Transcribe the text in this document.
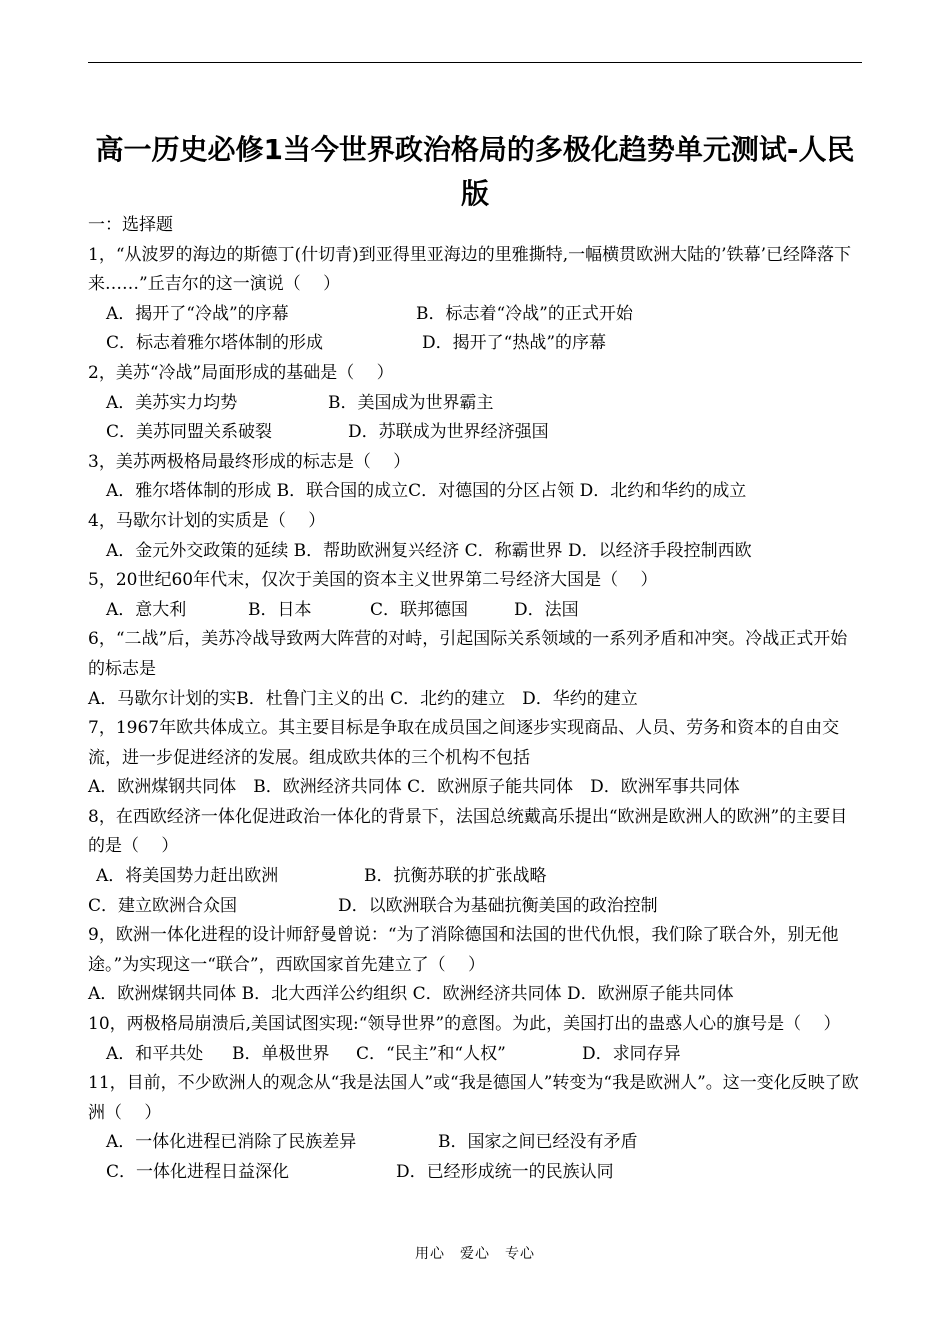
高一历史必修1当今世界政治格局的多极化趋势单元测试-人民版
一：选择题
1，“从波罗的海边的斯德丁(什切青)到亚得里亚海边的里雅撕特,一幅横贯欧洲大陆的’铁幕’已经降落下来……”丘吉尔的这一演说（　 ）
A．揭开了“冷战”的序幕	B．标志着“冷战”的正式开始
C．标志着雅尔塔体制的形成	D．揭开了“热战”的序幕
2，美苏“冷战”局面形成的基础是（　 ）
A．美苏实力均势	B．美国成为世界霸主
C．美苏同盟关系破裂	D．苏联成为世界经济强国
3，美苏两极格局最终形成的标志是（　 ）
A．雅尔塔体制的形成 B．联合国的成立C．对德国的分区占领 D．北约和华约的成立
4，马歇尔计划的实质是（　 ）
A．金元外交政策的延续 B．帮助欧洲复兴经济 C．称霸世界 D．以经济手段控制西欧
5，20世纪60年代末，仅次于美国的资本主义世界第二号经济大国是（　 ）
A．意大利	B．日本	C．联邦德国	D．法国
6，“二战”后，美苏冷战导致两大阵营的对峙，引起国际关系领域的一系列矛盾和冲突。冷战正式开始的标志是
A．马歇尔计划的实B．杜鲁门主义的出 C．北约的建立　D．华约的建立
7，1967年欧共体成立。其主要目标是争取在成员国之间逐步实现商品、人员、劳务和资本的自由交流，进一步促进经济的发展。组成欧共体的三个机构不包括
A．欧洲煤钢共同体　B．欧洲经济共同体 C．欧洲原子能共同体　D．欧洲军事共同体
8，在西欧经济一体化促进政治一体化的背景下，法国总统戴高乐提出“欧洲是欧洲人的欧洲”的主要目的是（　 ）
A．将美国势力赶出欧洲	B．抗衡苏联的扩张战略
C．建立欧洲合众国	D．以欧洲联合为基础抗衡美国的政治控制
9，欧洲一体化进程的设计师舒曼曾说：“为了消除德国和法国的世代仇恨，我们除了联合外，别无他途。”为实现这一“联合”，西欧国家首先建立了（　 ）
A．欧洲煤钢共同体 B．北大西洋公约组织 C．欧洲经济共同体 D．欧洲原子能共同体
10，两极格局崩溃后,美国试图实现:“领导世界”的意图。为此，美国打出的蛊惑人心的旗号是（　 ）
A．和平共处 B．单极世界 C．“民主”和“人权”	D．求同存异
11，目前，不少欧洲人的观念从“我是法国人”或“我是德国人”转变为“我是欧洲人”。这一变化反映了欧洲（　 ）
A．一体化进程已消除了民族差异	B．国家之间已经没有矛盾
C．一体化进程日益深化	D．已经形成统一的民族认同
用心　爱心　专心
